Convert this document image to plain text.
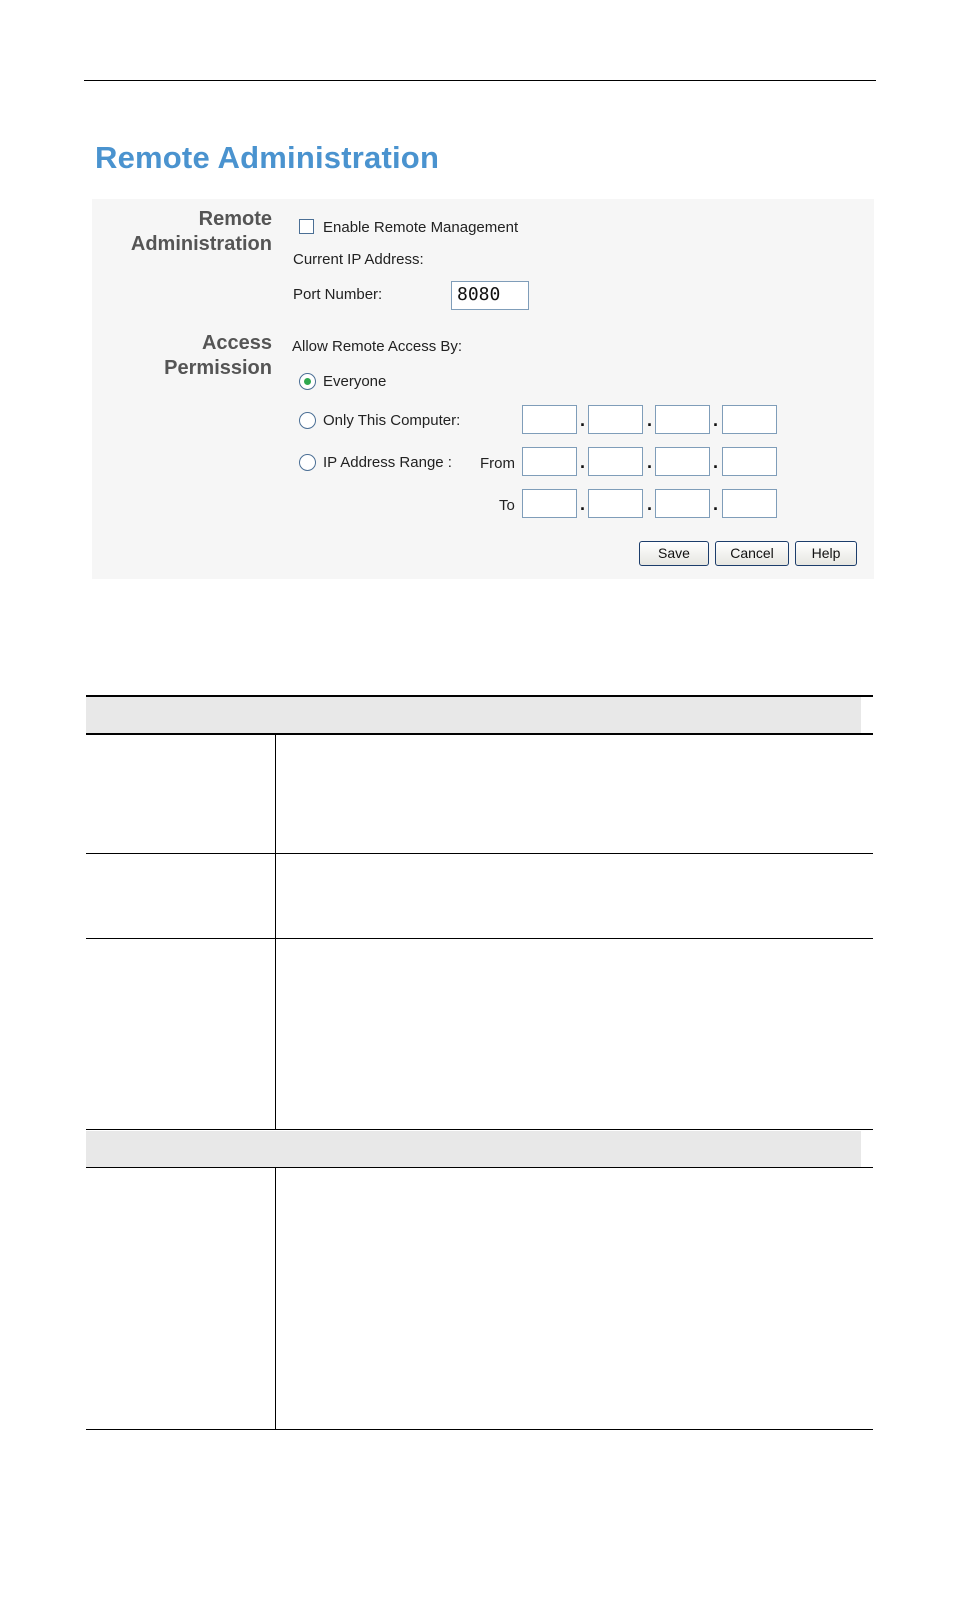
Remote Administration
Remote
Administration
Access
Permission
Enable Remote Management
Current IP Address:
Port Number:	8080
Allow Remote Access By:
Everyone
Only This Computer:	.	.	.
IP Address Range : From	.	.	.
To	.	.	.
Save	Cancel	Help
